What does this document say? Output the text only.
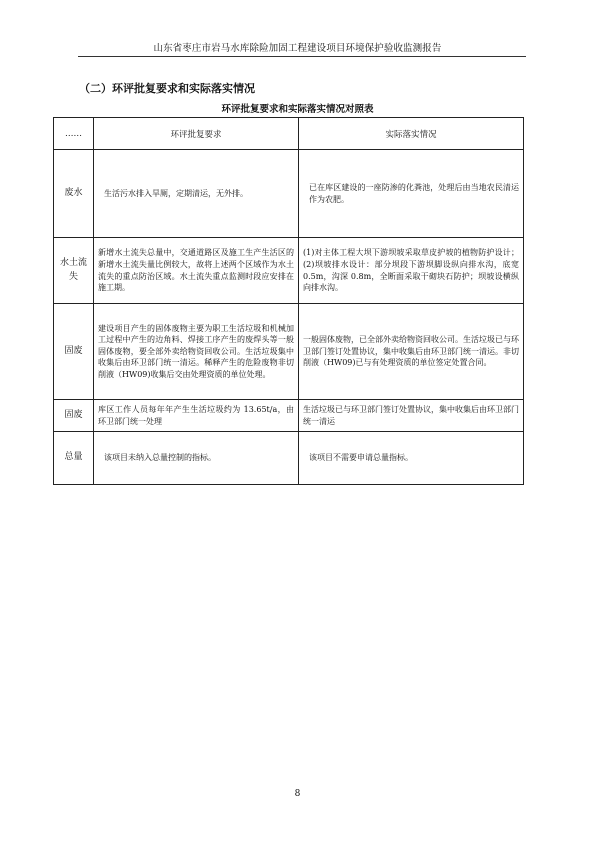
山东省枣庄市岩马水库除险加固工程建设项目环境保护验收监测报告
（二）环评批复要求和实际落实情况
环评批复要求和实际落实情况对照表
……	环评批复要求	实际落实情况
废水	生活污水排入旱厕，定期清运，无外排。	已在库区建设的一座防渗的化粪池，处理后由当地农民清运作为农肥。
水土流失	新增水土流失总量中，交通道路区及施工生产生活区的新增水土流失量比例较大，故将上述两个区域作为水土流失的重点防治区域。水土流失重点监测时段应安排在施工期。	(1)对主体工程大坝下游坝坡采取草皮护坡的植物防护设计；(2)坝坡排水设计：部分坝段下游坝脚设纵向排水沟，底宽 0.5m，沟深 0.8m，全断面采取干砌块石防护；坝坡设横纵向排水沟。
固废	建设项目产生的固体废物主要为职工生活垃圾和机械加工过程中产生的边角料、焊接工序产生的废焊头等一般固体废物，要全部外卖给物资回收公司。生活垃圾集中收集后由环卫部门统一清运。稀释产生的危险废物非切削液（HW09)收集后交由处理资质的单位处理。	一般固体废物，已全部外卖给物资回收公司。生活垃圾已与环卫部门签订处置协议，集中收集后由环卫部门统一清运。非切削液（HW09)已与有处理资质的单位签定处置合同。
固废	库区工作人员每年年产生生活垃圾约为 13.65t/a，由环卫部门统一处理	生活垃圾已与环卫部门签订处置协议，集中收集后由环卫部门统一清运
总量	该项目未纳入总量控制的指标。	该项目不需要申请总量指标。
8
